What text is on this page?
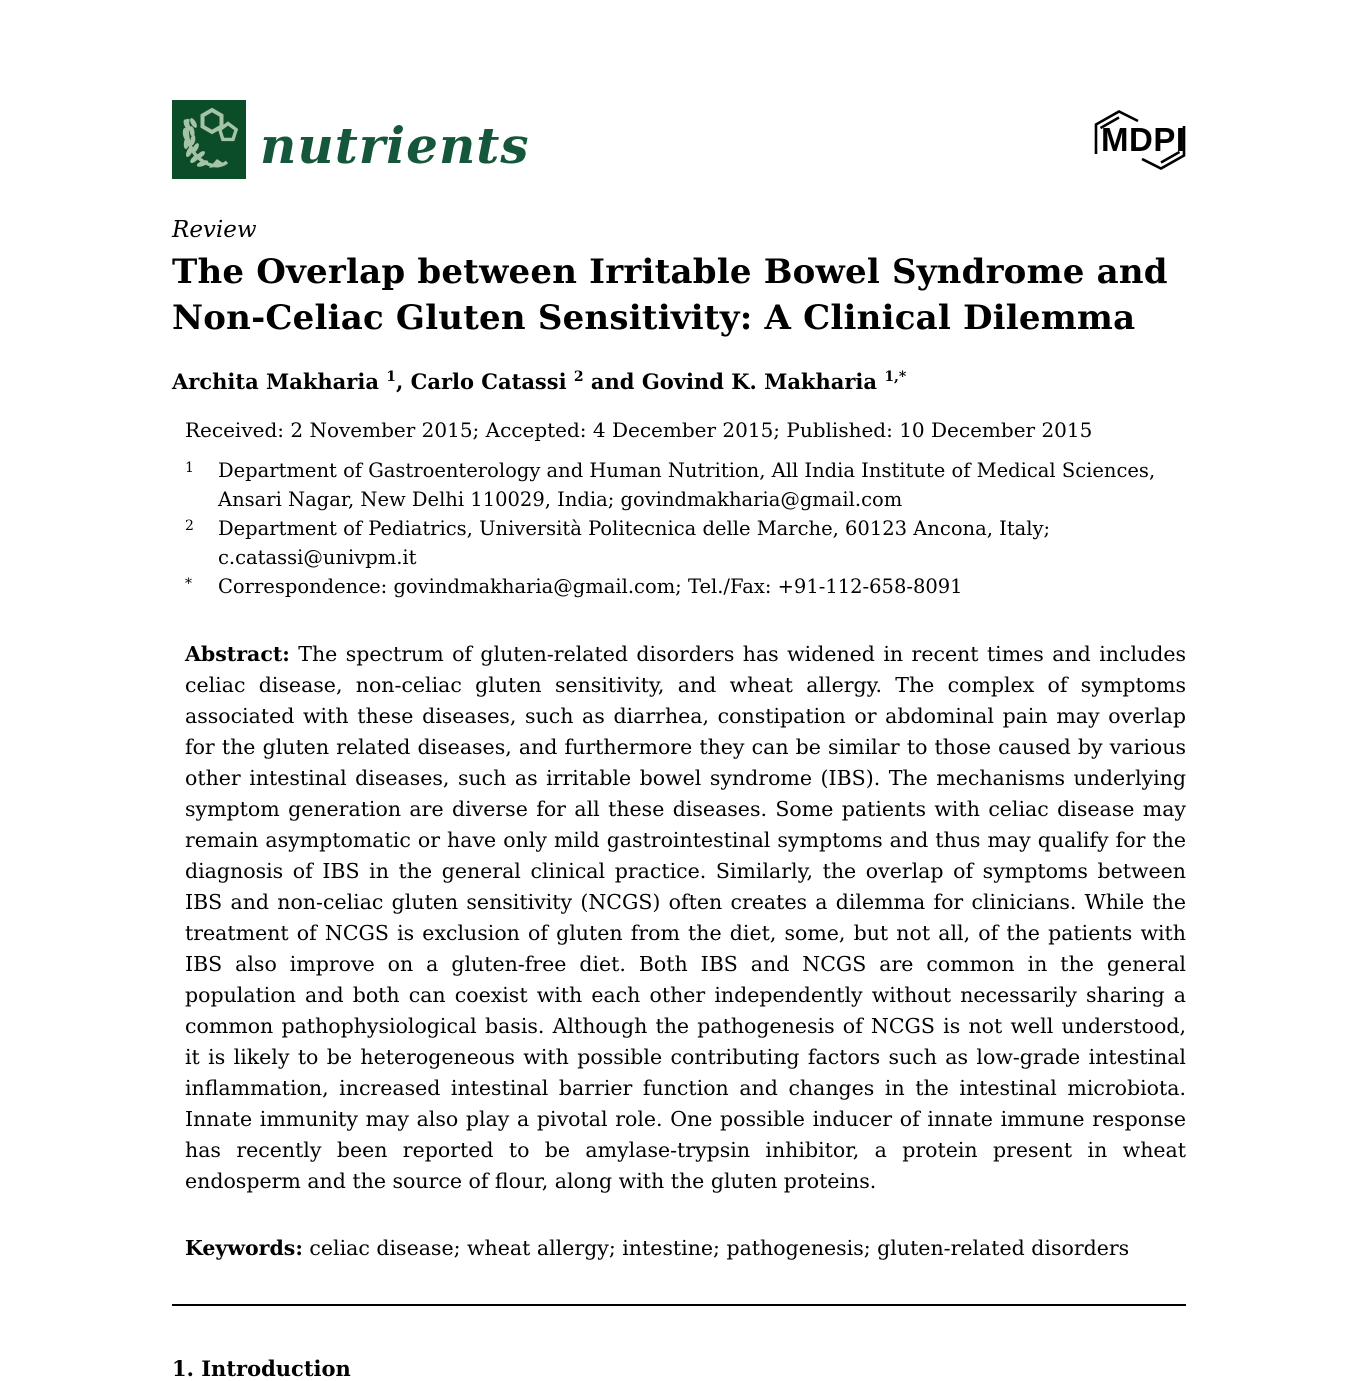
nutrients	MDPI
Review
The Overlap between Irritable Bowel Syndrome and Non-Celiac Gluten Sensitivity: A Clinical Dilemma
Archita Makharia $^1$, Carlo Catassi $^2$ and Govind K. Makharia $^{1,*}$
Received: 2 November 2015; Accepted: 4 December 2015; Published: 10 December 2015
1	Department of Gastroenterology and Human Nutrition, All India Institute of Medical Sciences, Ansari Nagar, New Delhi 110029, India; govindmakharia@gmail.com
2	Department of Pediatrics, Università Politecnica delle Marche, 60123 Ancona, Italy; c.catassi@univpm.it
*	Correspondence: govindmakharia@gmail.com; Tel./Fax: +91-112-658-8091

Abstract: The spectrum of gluten-related disorders has widened in recent times and includes celiac disease, non-celiac gluten sensitivity, and wheat allergy. The complex of symptoms associated with these diseases, such as diarrhea, constipation or abdominal pain may overlap for the gluten related diseases, and furthermore they can be similar to those caused by various other intestinal diseases, such as irritable bowel syndrome (IBS). The mechanisms underlying symptom generation are diverse for all these diseases. Some patients with celiac disease may remain asymptomatic or have only mild gastrointestinal symptoms and thus may qualify for the diagnosis of IBS in the general clinical practice. Similarly, the overlap of symptoms between IBS and non-celiac gluten sensitivity (NCGS) often creates a dilemma for clinicians. While the treatment of NCGS is exclusion of gluten from the diet, some, but not all, of the patients with IBS also improve on a gluten-free diet. Both IBS and NCGS are common in the general population and both can coexist with each other independently without necessarily sharing a common pathophysiological basis. Although the pathogenesis of NCGS is not well understood, it is likely to be heterogeneous with possible contributing factors such as low-grade intestinal inflammation, increased intestinal barrier function and changes in the intestinal microbiota. Innate immunity may also play a pivotal role. One possible inducer of innate immune response has recently been reported to be amylase-trypsin inhibitor, a protein present in wheat endosperm and the source of flour, along with the gluten proteins.

Keywords: celiac disease; wheat allergy; intestine; pathogenesis; gluten-related disorders

1. Introduction
